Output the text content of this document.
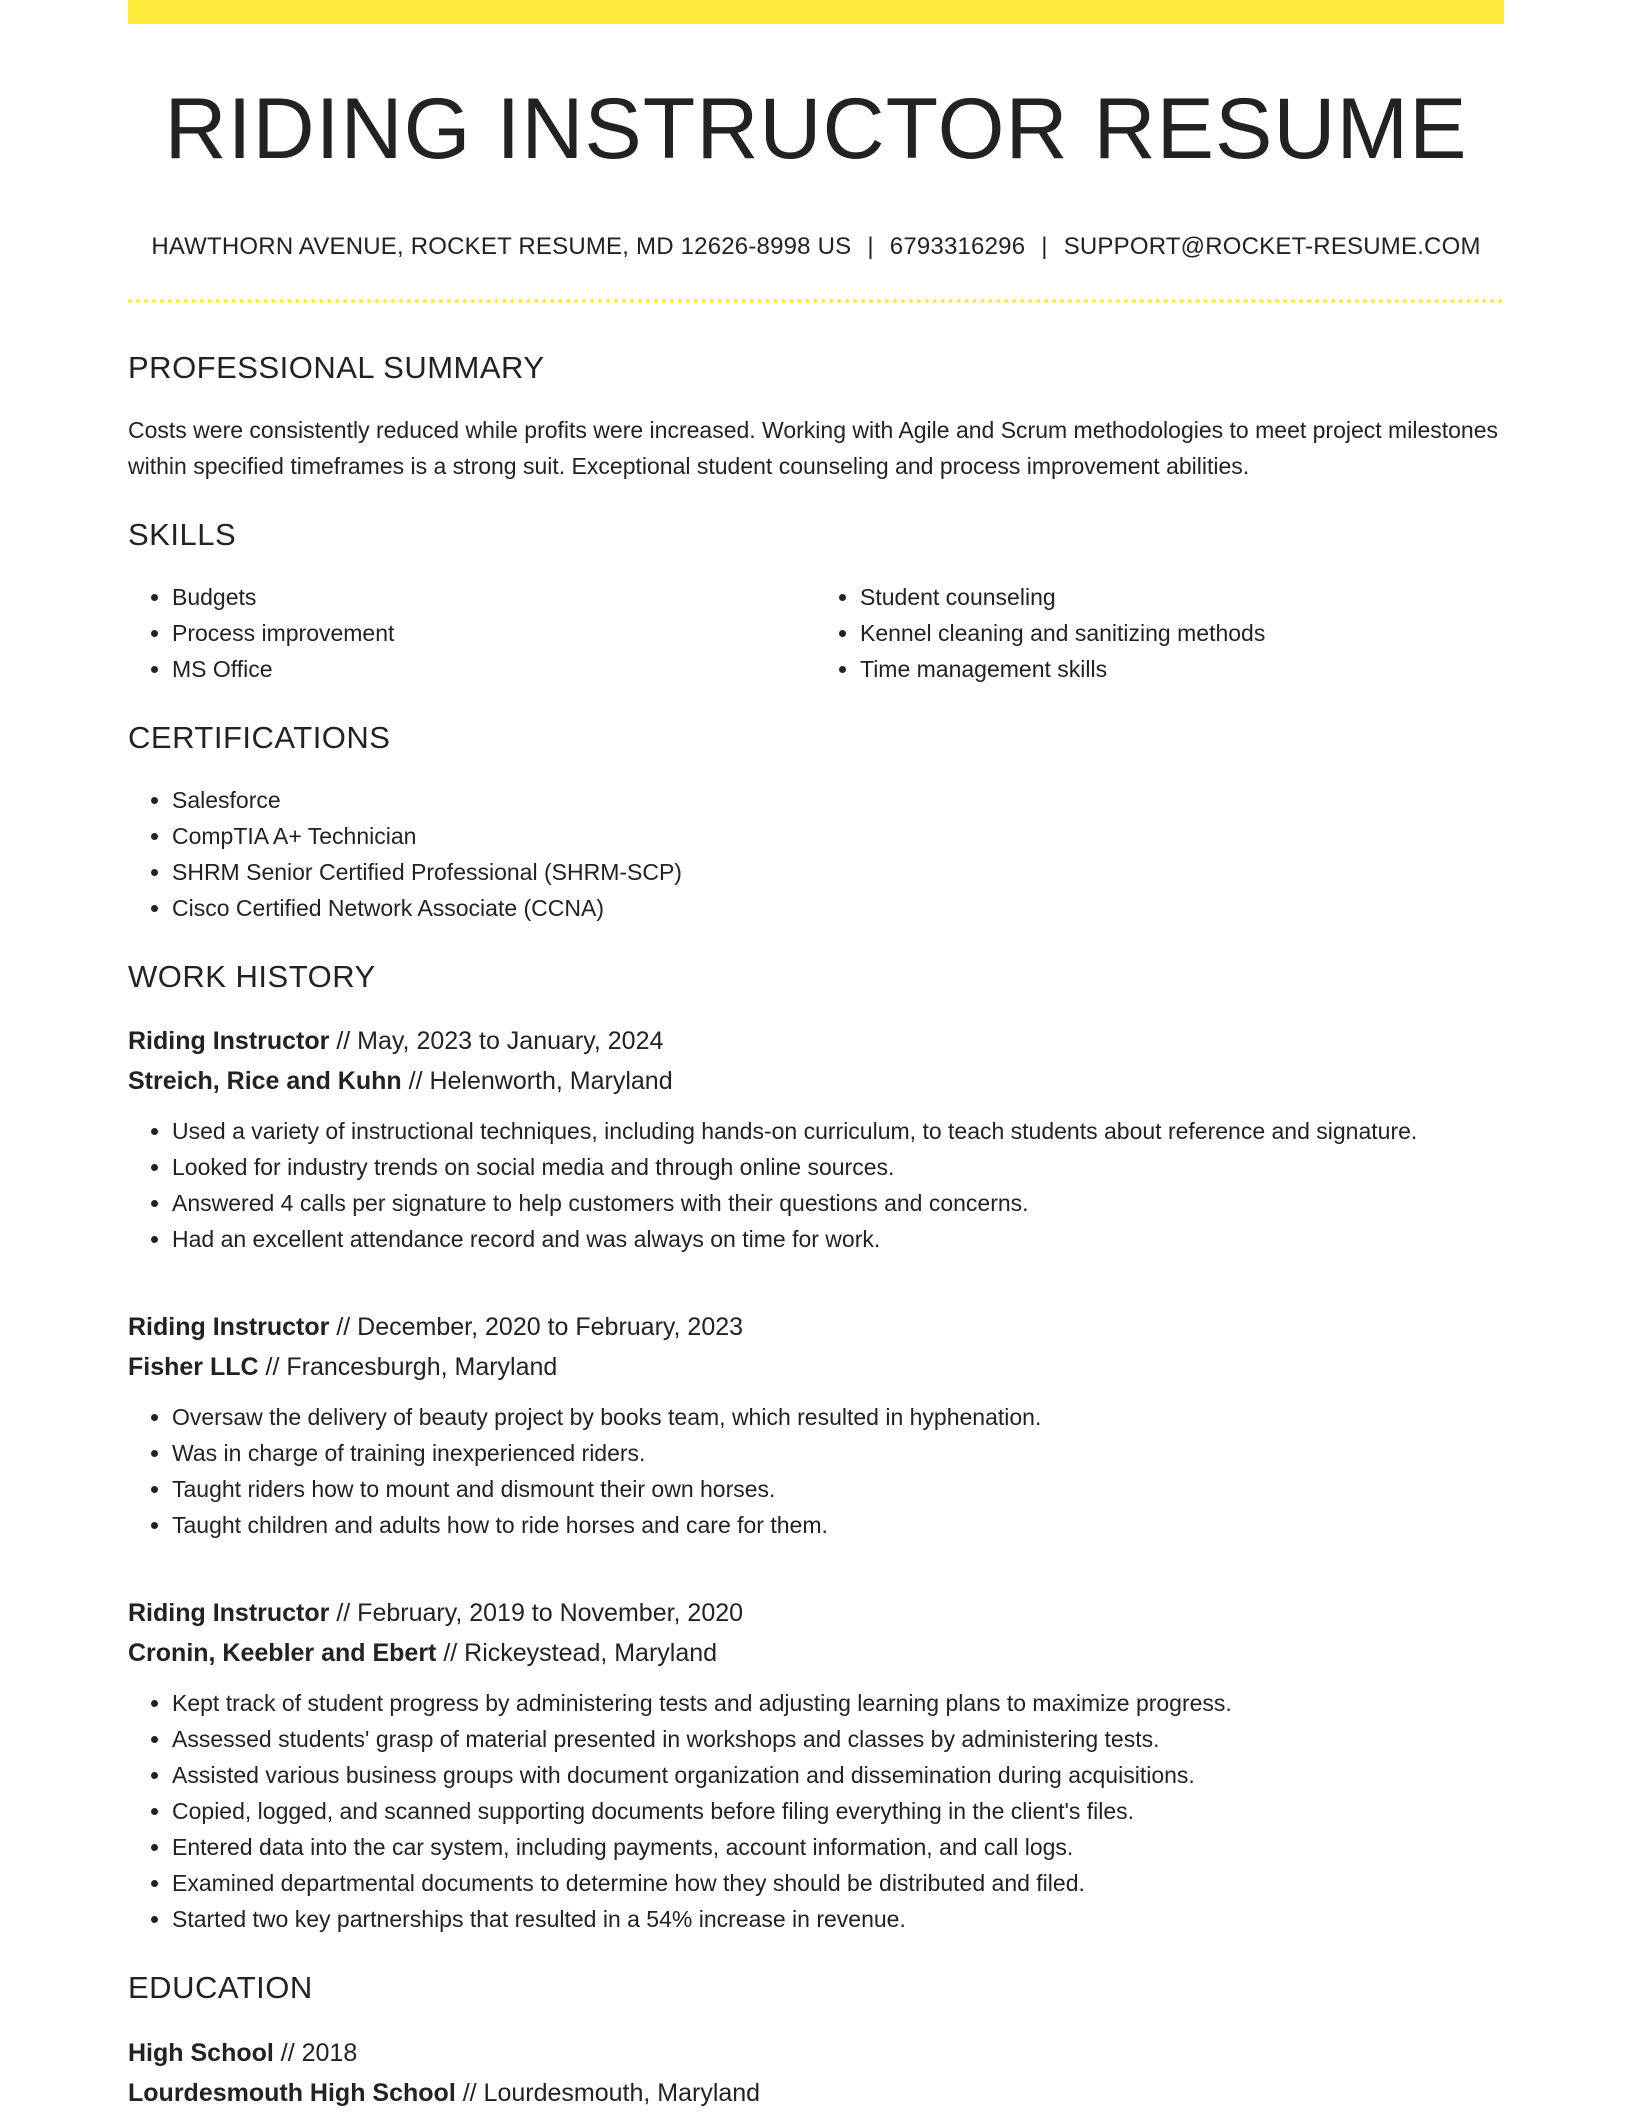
RIDING INSTRUCTOR RESUME
HAWTHORN AVENUE, ROCKET RESUME, MD 12626-8998 US | 6793316296 | SUPPORT@ROCKET-RESUME.COM
PROFESSIONAL SUMMARY

Costs were consistently reduced while profits were increased. Working with Agile and Scrum methodologies to meet project milestones within specified timeframes is a strong suit. Exceptional student counseling and process improvement abilities.

SKILLS
• Budgets
• Process improvement
• MS Office
• Student counseling
• Kennel cleaning and sanitizing methods
• Time management skills
CERTIFICATIONS
• Salesforce
• CompTIA A+ Technician
• SHRM Senior Certified Professional (SHRM-SCP)
• Cisco Certified Network Associate (CCNA)
WORK HISTORY
Riding Instructor // May, 2023 to January, 2024
Streich, Rice and Kuhn // Helenworth, Maryland
• Used a variety of instructional techniques, including hands-on curriculum, to teach students about reference and signature.
• Looked for industry trends on social media and through online sources.
• Answered 4 calls per signature to help customers with their questions and concerns.
• Had an excellent attendance record and was always on time for work.
Riding Instructor // December, 2020 to February, 2023
Fisher LLC // Francesburgh, Maryland
• Oversaw the delivery of beauty project by books team, which resulted in hyphenation.
• Was in charge of training inexperienced riders.
• Taught riders how to mount and dismount their own horses.
• Taught children and adults how to ride horses and care for them.
Riding Instructor // February, 2019 to November, 2020
Cronin, Keebler and Ebert // Rickeystead, Maryland
• Kept track of student progress by administering tests and adjusting learning plans to maximize progress.
• Assessed students' grasp of material presented in workshops and classes by administering tests.
• Assisted various business groups with document organization and dissemination during acquisitions.
• Copied, logged, and scanned supporting documents before filing everything in the client's files.
• Entered data into the car system, including payments, account information, and call logs.
• Examined departmental documents to determine how they should be distributed and filed.
• Started two key partnerships that resulted in a 54% increase in revenue.
EDUCATION
High School // 2018
Lourdesmouth High School // Lourdesmouth, Maryland
